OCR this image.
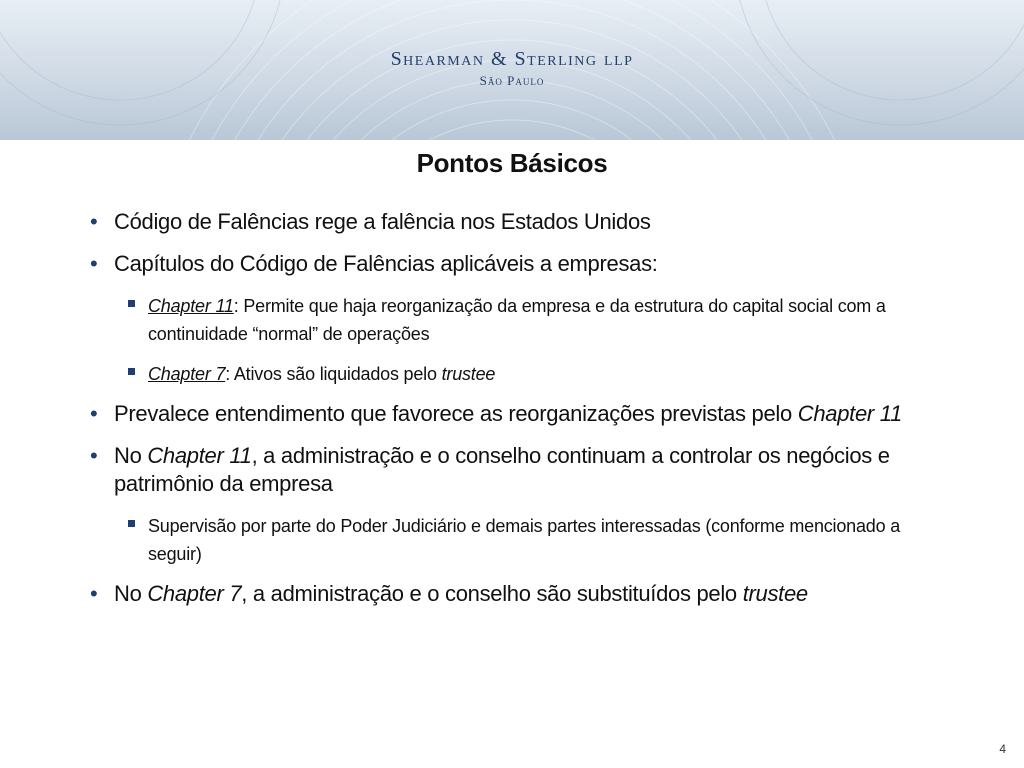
Shearman & Sterling llp
São Paulo
Pontos Básicos
• Código de Falências rege a falência nos Estados Unidos
• Capítulos do Código de Falências aplicáveis a empresas:
Chapter 11: Permite que haja reorganização da empresa e da estrutura do capital social com a continuidade “normal” de operações
Chapter 7: Ativos são liquidados pelo trustee
• Prevalece entendimento que favorece as reorganizações previstas pelo Chapter 11
• No Chapter 11, a administração e o conselho continuam a controlar os negócios e patrimônio da empresa
Supervisão por parte do Poder Judiciário e demais partes interessadas (conforme mencionado a seguir)
• No Chapter 7, a administração e o conselho são substituídos pelo trustee
4
